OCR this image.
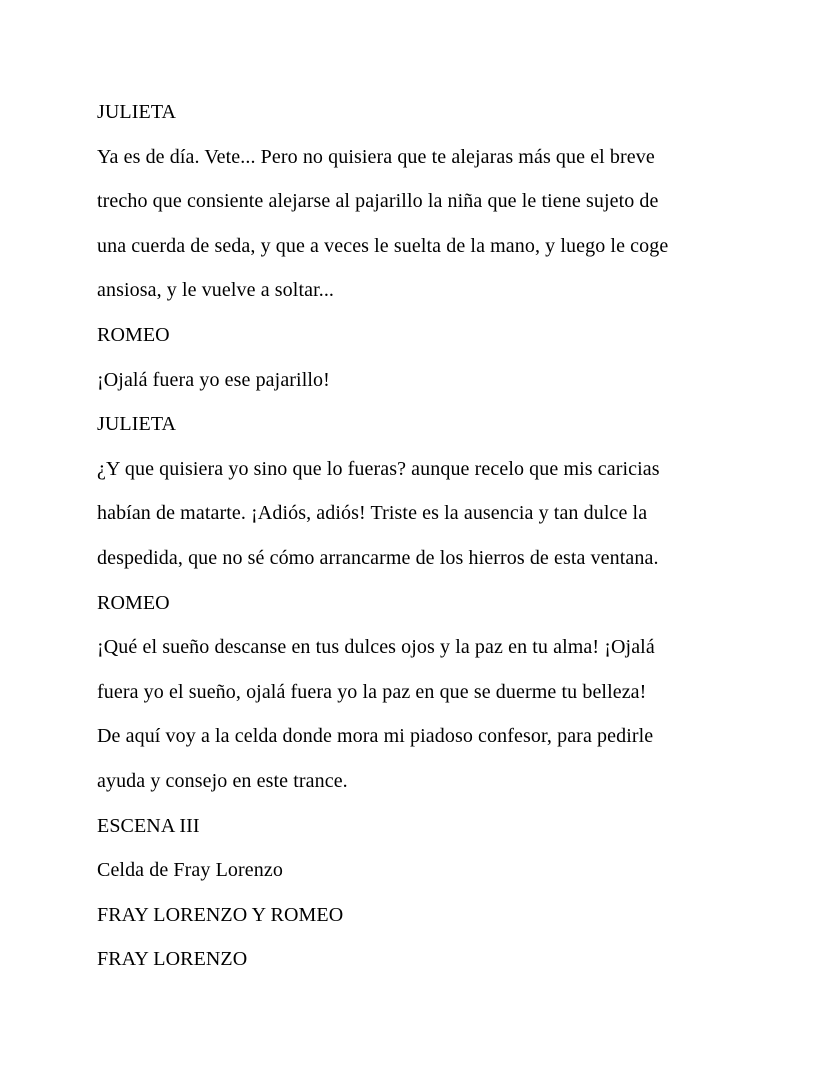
JULIETA
Ya es de día. Vete... Pero no quisiera que te alejaras más que el breve
trecho que consiente alejarse al pajarillo la niña que le tiene sujeto de
una cuerda de seda, y que a veces le suelta de la mano, y luego le coge
ansiosa, y le vuelve a soltar...
ROMEO
¡Ojalá fuera yo ese pajarillo!
JULIETA
¿Y que quisiera yo sino que lo fueras? aunque recelo que mis caricias
habían de matarte. ¡Adiós, adiós! Triste es la ausencia y tan dulce la
despedida, que no sé cómo arrancarme de los hierros de esta ventana.
ROMEO
¡Qué el sueño descanse en tus dulces ojos y la paz en tu alma! ¡Ojalá
fuera yo el sueño, ojalá fuera yo la paz en que se duerme tu belleza!
De aquí voy a la celda donde mora mi piadoso confesor, para pedirle
ayuda y consejo en este trance.
ESCENA III
Celda de Fray Lorenzo
FRAY LORENZO Y ROMEO
FRAY LORENZO
